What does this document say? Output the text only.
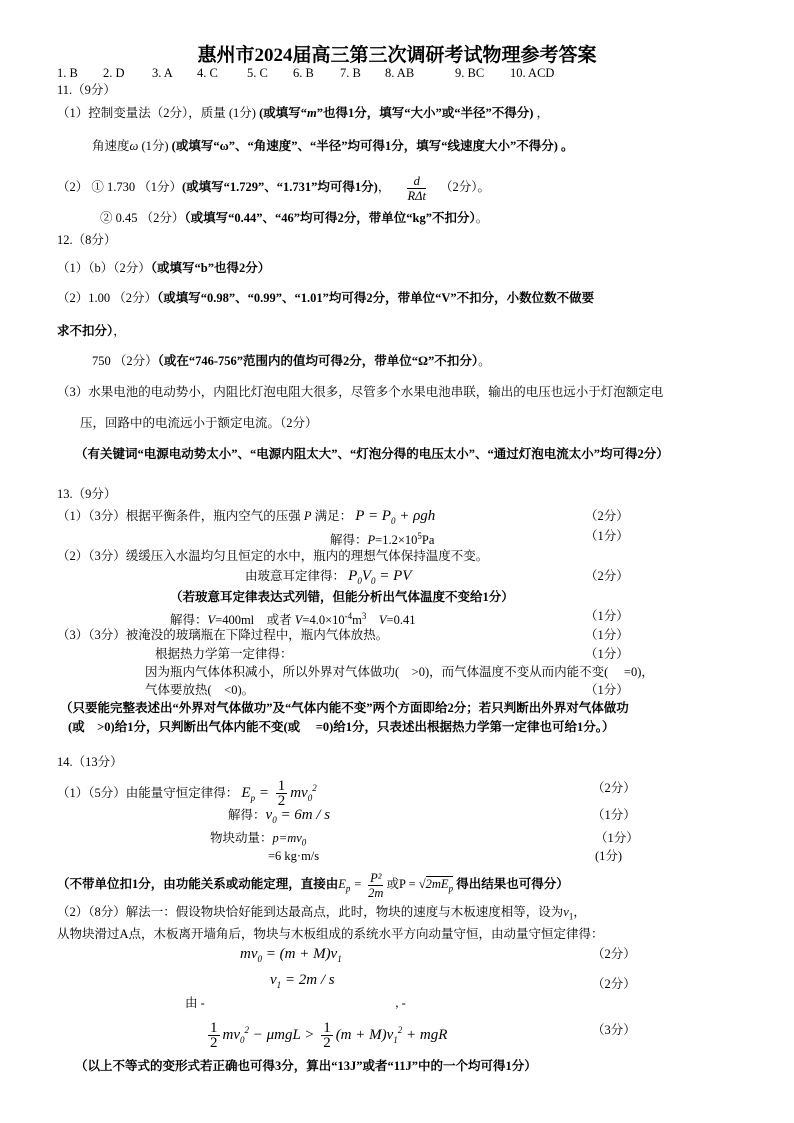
惠州市2024届高三第三次调研考试物理参考答案
1. B 2. D 3. A 4. C 5. C 6. B 7. B 8. AB	9. BC 10. ACD
11.（9分）
（1）控制变量法（2分），质量 (1分) (或填写“m”也得1分，填写“大小”或“半径”不得分) ，
角速度ω (1分) (或填写“ω”、“角速度”、“半径”均可得1分，填写“线速度大小”不得分) 。
（2） ① 1.730 （1分）(或填写“1.729”、“1.731”均可得1分)， $\frac{d}{\text{RΔt}} (2$分）。
② 0.45 （2分）（或填写“0.44”、“46”均可得2分，带单位“kg”不扣分）。
12.（8分）
（1）（b）（2分）（或填写“b”也得2分）
（2）1.00 （2分）（或填写“0.98”、“0.99”、“1.01”均可得2分，带单位“V”不扣分，小数位数不做要
求不扣分），
750 （2分）（或在“746-756”范围内的值均可得2分，带单位“Ω”不扣分）。
（3）水果电池的电动势小，内阻比灯泡电阻大很多，尽管多个水果电池串联，输出的电压也远小于灯泡额定电
压，回路中的电流远小于额定电流。（2分）
（有关键词“电源电动势太小”、“电源内阻太大”、“灯泡分得的电压太小”、“通过灯泡电流太小”均可得2分）
13.（9分）
（1）（3分）根据平衡条件，瓶内空气的压强 P 满足： $P = P_0 + \rho gh$	（2分）
解得：$P=1.2\times 10^5Pa$	（1分）
（2）（3分）缓缓压入水温均匀且恒定的水中，瓶内的理想气体保持温度不变。
由玻意耳定律得： $P_0V_0$ = PV	（2分）
（若玻意耳定律表达式列错，但能分析出气体温度不变给1分）
解得：V=400ml　或者 $V=4.0\times 10^{-4}m^3$　 V=0.41	（1分）
（3）（3分）被淹没的玻璃瓶在下降过程中，瓶内气体放热。	（1分）
根据热力学第一定律得：	（1分）
因为瓶内气体体积减小，所以外界对气体做功(　>0)，而气体温度不变从而内能不变(　 =0)，
气体要放热(　<0)。	（1分）
（只要能完整表述出“外界对气体做功”及“气体内能不变”两个方面即给2分；若只判断出外界对气体做功
(或　>0)给1分，只判断出气体内能不变(或　 =0)给1分，只表述出根据热力学第一定律也可给1分。）
14.（13分）
（1）（5分）由能量守恒定律得： $E_p = \frac{1}{2} mv_0^2$	（2分）
解得：$v_0 = 6m / s$	（1分）
物块动量：$p=mv_0$	（1分）
=6 kg·m/s	(1分)
（不带单位扣1分，由功能关系或动能定理，直接由$E_p = \frac{\text{P²}}{2m}$ 或$P = √2mE_p$ 得出结果也可得分）
（2）（8分）解法一：假设物块恰好能到达最高点，此时，物块的速度与木板速度相等，设为$v_1$，
从物块滑过A点，木板离开墙角后，物块与木板组成的系统水平方向动量守恒，由动量守恒定律得：
$mv_0 = (m + M)v_1$	（2分）
$v_1 = 2m / s$	（2分）
由 -　　　　　　　　　　　　　　　 , -
$\frac{1}{2} mv_0^2 - \mu mgL > \frac{1}{2} (m + M)v_1^2$ + mgR	（3分）
（以上不等式的变形式若正确也可得3分，算出“13J”或者“11J”中的一个均可得1分）
